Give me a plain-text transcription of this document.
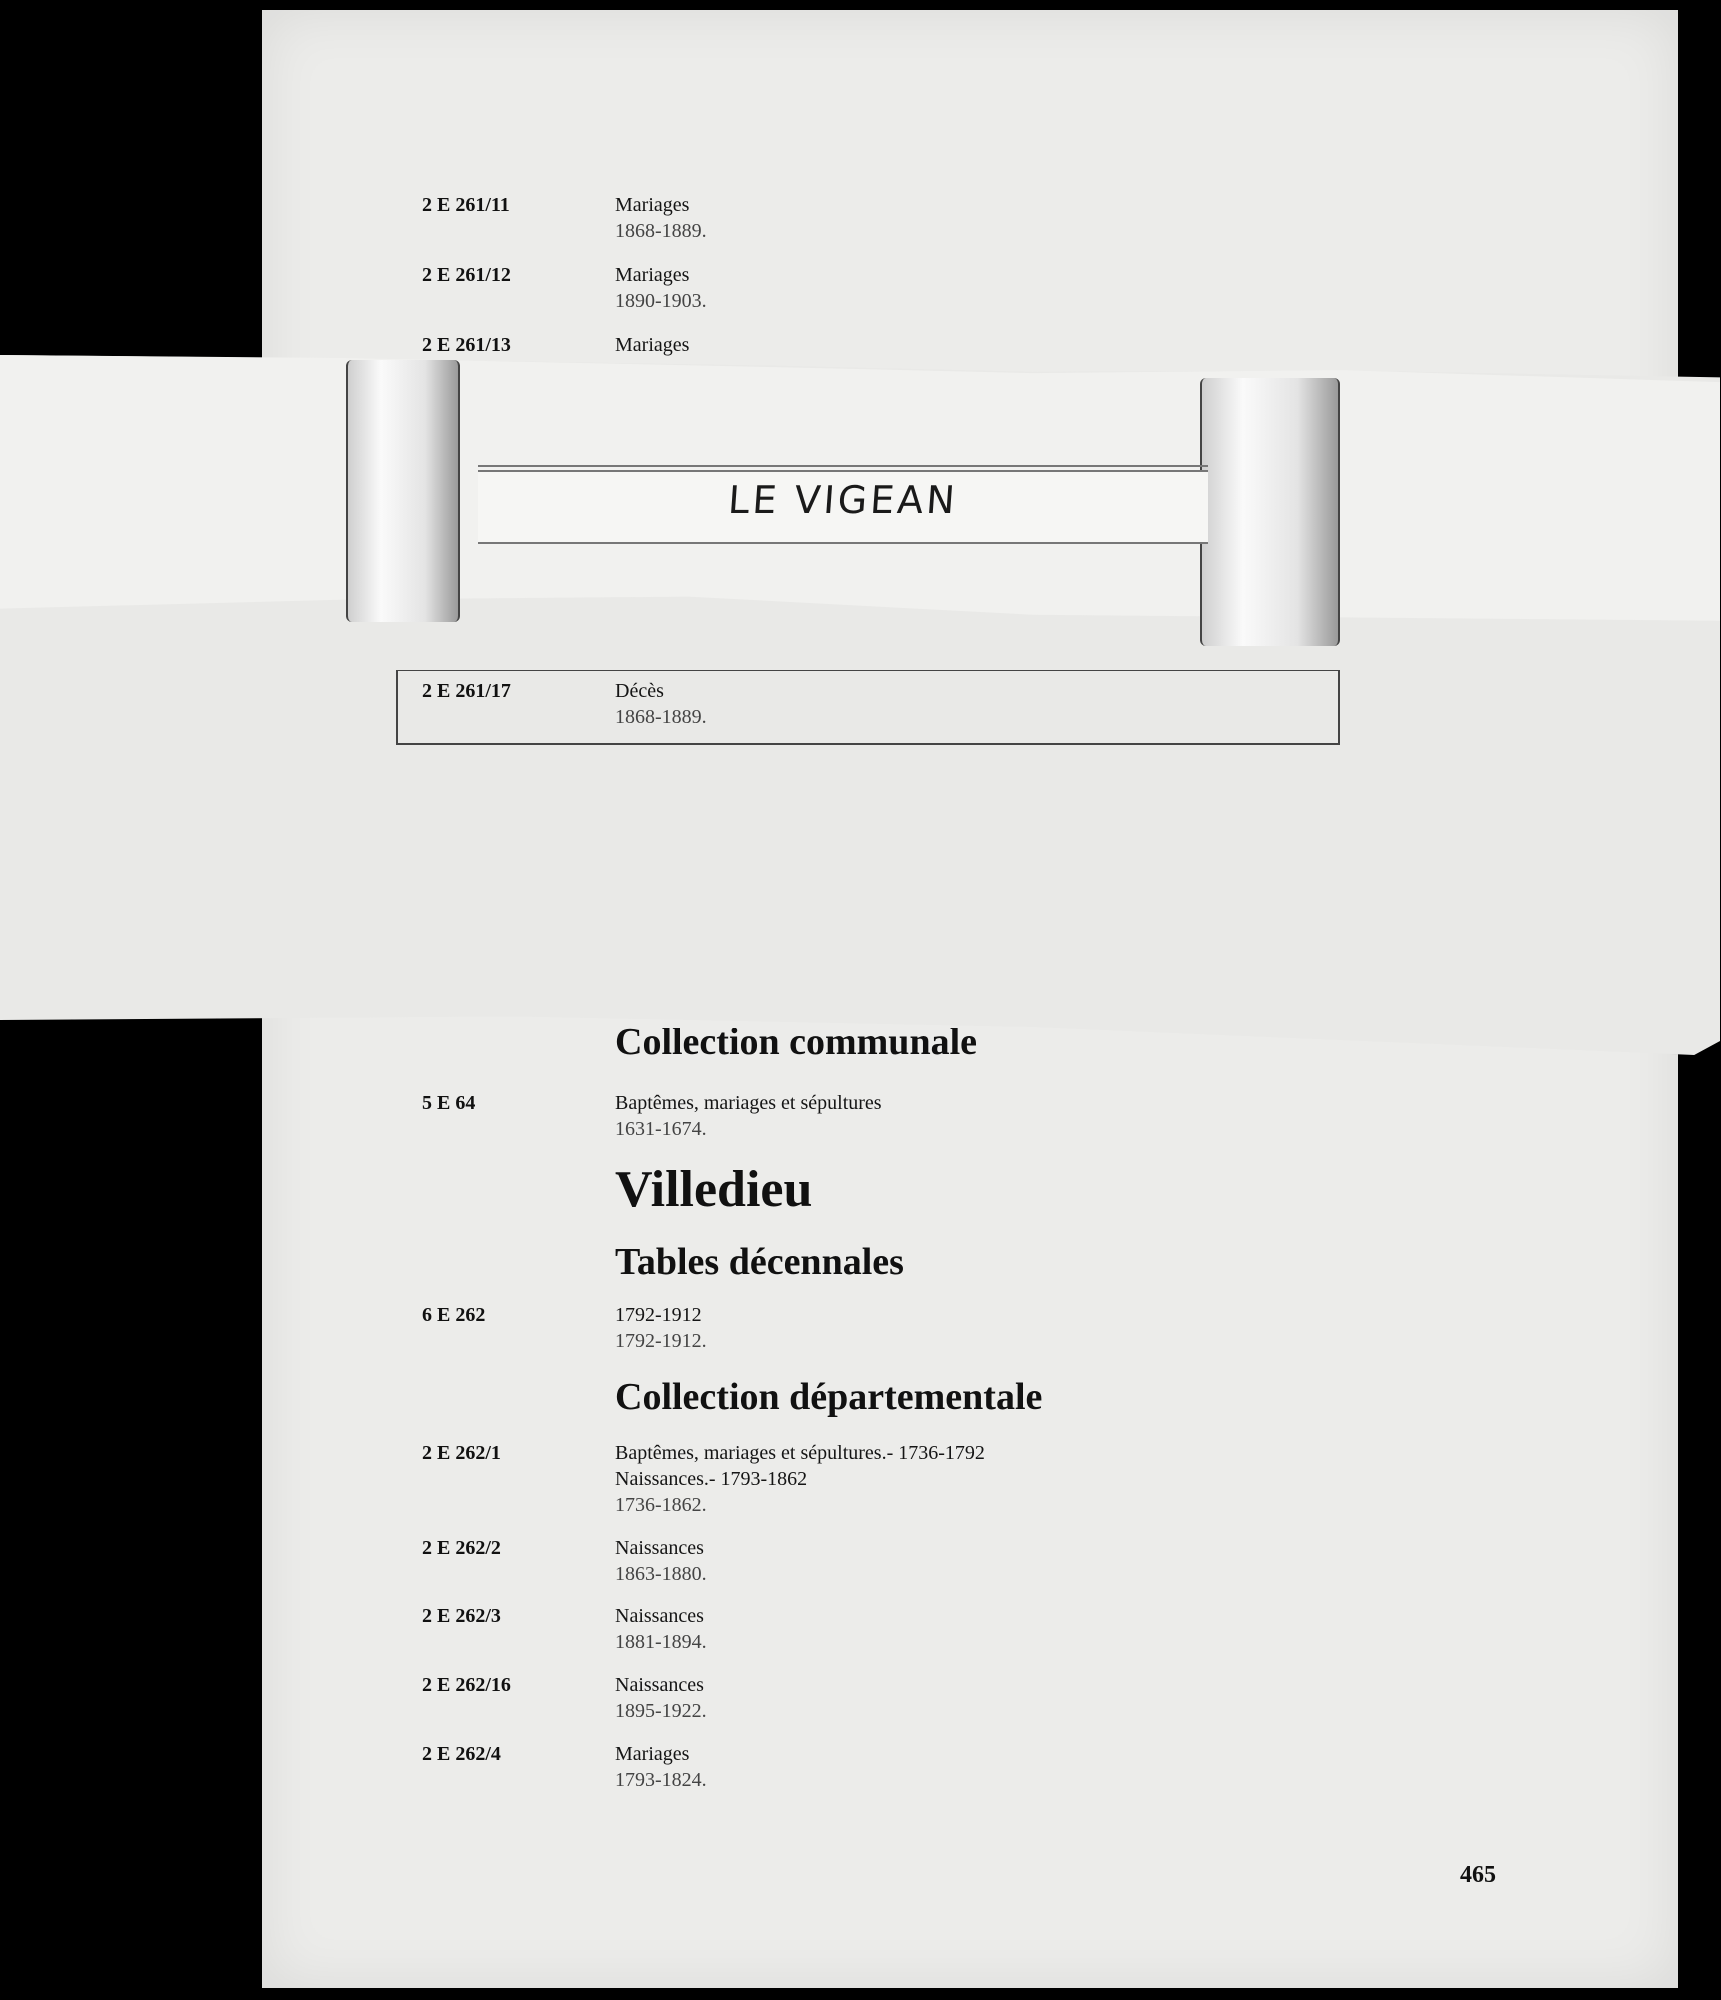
2 E 261/11	Mariages
1868-1889.
2 E 261/12	Mariages
1890-1903.
2 E 261/13	Mariages
LE VIGEAN
2 E 261/17	Décès
1868-1889.
Collection communale
5 E 64	Baptêmes, mariages et sépultures
1631-1674.
Villedieu
Tables décennales
6 E 262	1792-1912
1792-1912.
Collection départementale
2 E 262/1	Baptêmes, mariages et sépultures.- 1736-1792
Naissances.- 1793-1862
1736-1862.
2 E 262/2	Naissances
1863-1880.
2 E 262/3	Naissances
1881-1894.
2 E 262/16	Naissances
1895-1922.
2 E 262/4	Mariages
1793-1824.
465
